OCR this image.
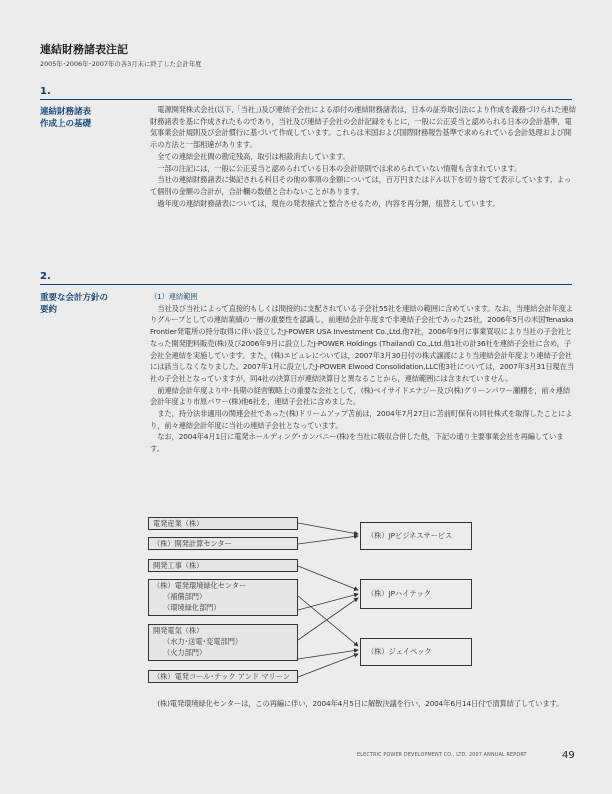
連結財務諸表注記
2005年･2006年･2007年の各3月末に終了した会計年度
1.
連結財務諸表
作成上の基礎

電源開発株式会社(以下,「当社」)及び連結子会社による添付の連結財務諸表は，日本の証券取引法により作成を義務づけられた連結財務諸表を基に作成されたものであり，当社及び連結子会社の会計記録をもとに，一般に公正妥当と認められる日本の会計基準，電気事業会計規則及び会計慣行に基づいて作成しています。これらは米国および国際財務報告基準で求められている会計処理および開示の方法と一部相違があります。

全ての連結会社間の勘定残高，取引は相殺消去しています。

一部の注記には，一般に公正妥当と認められている日本の会計原則では求められていない情報も含まれています。

当社の連結財務諸表に掲記される科目その他の事項の金額については，百万円またはドル以下を切り捨てて表示しています。よって個別の金額の合計が，合計欄の数値と合わないことがあります。

過年度の連結財務諸表については，現在の発表様式と整合させるため，内容を再分類，組替えしています。

2.
重要な会計方針の
要約

（1）連結範囲

当社及び当社によって直接的もしくは間接的に支配されている子会社55社を連結の範囲に含めています。なお，当連結会計年度よりグループとしての連結業績の一層の重要性を認識し，前連結会計年度まで非連結子会社であった25社，2006年5月の米国Tenaska Frontier発電所の持分取得に伴い設立したJ-POWER USA Investment Co.,Ltd.他7社，2006年9月に事業買収により当社の子会社となった開発肥料販売(株)及び2006年9月に設立したJ-POWER Holdings (Thailand) Co.,Ltd.他1社の計36社を連結子会社に含め，子会社全連結を実施しています。また，(株)エピュレについては，2007年3月30日付の株式譲渡により当連結会計年度より連結子会社には該当しなくなりました。2007年1月に設立したJ-POWER Elwood Consolidation,LLC他3社については，2007年3月31日現在当社の子会社となっていますが，同4社の決算日が連結決算日と異なることから，連結範囲には含まれていません。

前連結会計年度より中･長期の経営戦略上の重要な会社として，(株)ベイサイドエナジー及び(株)グリーンパワー瀬棚を，前々連結会計年度より市原パワー(株)他6社を，連結子会社に含めました。

また，持分法非適用の関連会社であった(株)ドリームアップ苫前は，2004年7月27日に苫前町保有の同社株式を取得したことにより，前々連結会計年度に当社の連結子会社となっています。

なお，2004年4月1日に電発ホールディング･カンパニー(株)を当社に吸収合併した他，下記の通り主要事業会社を再編しています。

電発産業（株）
（株）開発計算センター
開発工事（株）
（株）電発環境緑化センター
（補償部門）
（環境緑化部門）
開発電気（株）
（水力･送電･変電部門）
（火力部門）
（株）電発コール･テック アンド マリーン
（株）JPビジネスサービス
（株）JPハイテック
（株）ジェイペック

(株)電発環境緑化センターは，この再編に伴い，2004年4月5日に解散決議を行い，2004年6月14日付で清算結了しています。

ELECTRIC POWER DEVELOPMENT CO., LTD. 2007 ANNUAL REPORT	49
